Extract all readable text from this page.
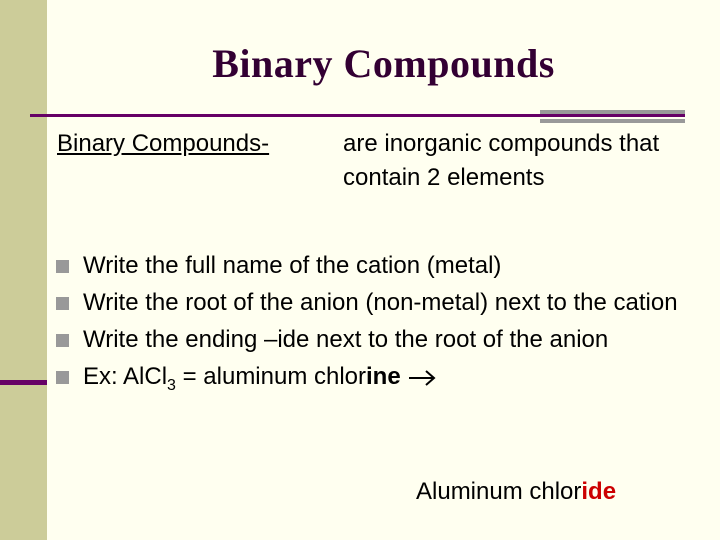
Binary Compounds
Binary Compounds-	are inorganic compounds that contain 2 elements
Write the full name of the cation (metal)
Write the root of the anion (non-metal) next to the cation
Write the ending –ide next to the root of the anion
Ex: AlCl$_3$ = aluminum chlorine
Aluminum chloride
